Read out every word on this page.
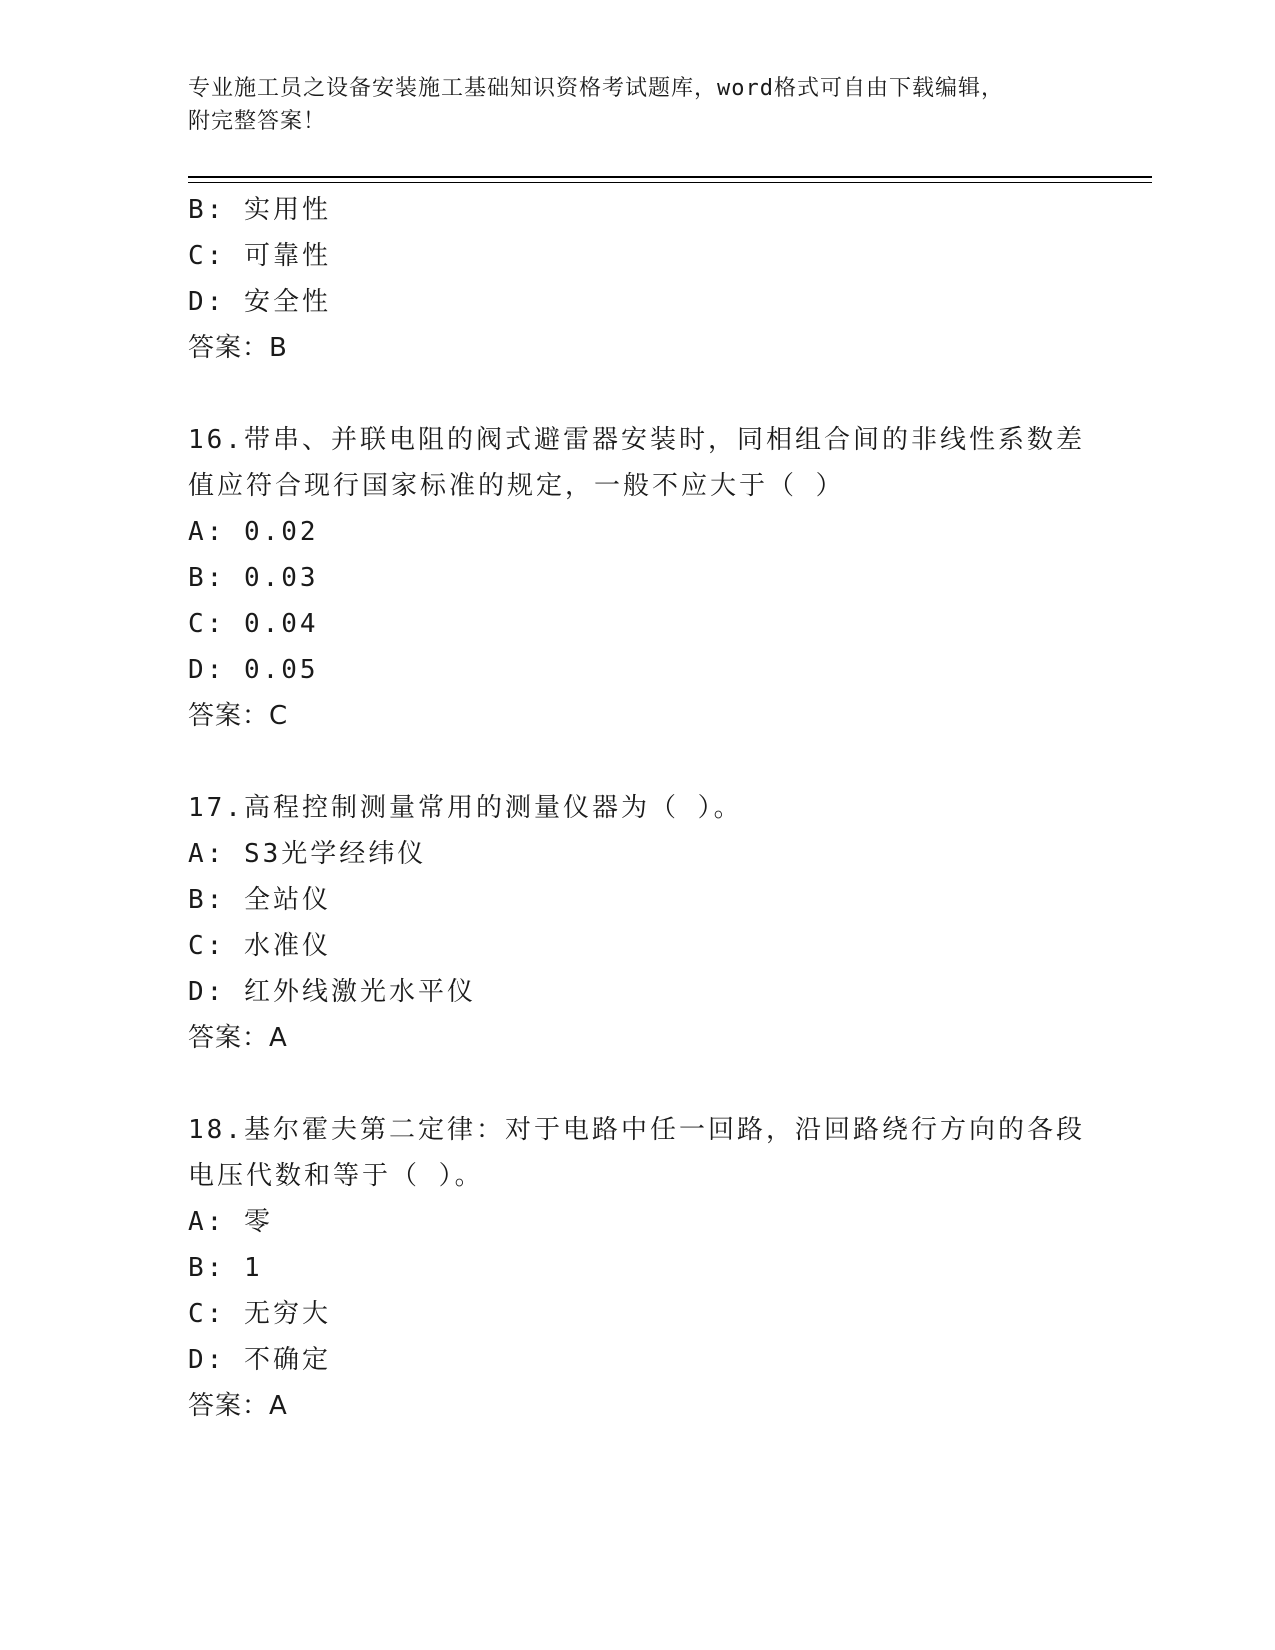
专业施工员之设备安装施工基础知识资格考试题库，word格式可自由下载编辑，
附完整答案！
B: 实用性
C: 可靠性
D: 安全性
答案：B
16.带串、并联电阻的阀式避雷器安装时，同相组合间的非线性系数差
值应符合现行国家标准的规定，一般不应大于（ ）
A: 0.02
B: 0.03
C: 0.04
D: 0.05
答案：C
17.高程控制测量常用的测量仪器为（ ）。
A: S3光学经纬仪
B: 全站仪
C: 水准仪
D: 红外线激光水平仪
答案：A
18.基尔霍夫第二定律：对于电路中任一回路，沿回路绕行方向的各段
电压代数和等于（ ）。
A: 零
B: 1
C: 无穷大
D: 不确定
答案：A
